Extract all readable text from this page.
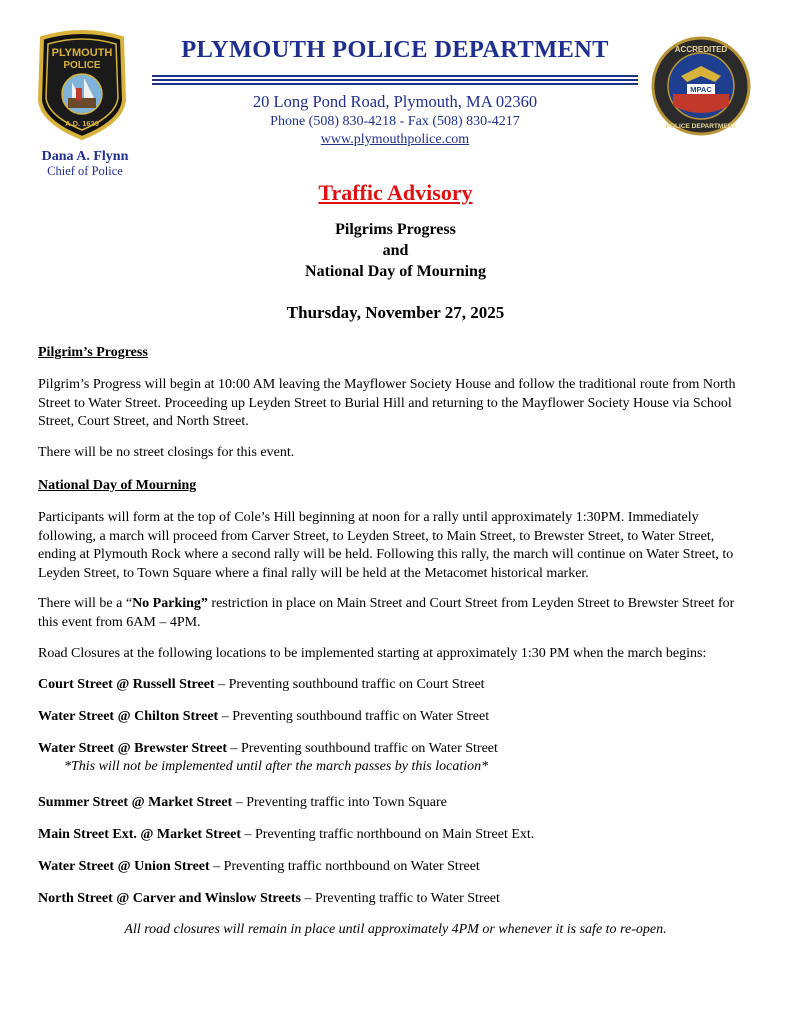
PLYMOUTH
POLICE
A.D. 1620
MPAC
ACCREDITED
POLICE DEPARTMENT
PLYMOUTH POLICE DEPARTMENT
20 Long Pond Road, Plymouth, MA 02360
Phone (508) 830-4218 - Fax (508) 830-4217
www.plymouthpolice.com
Dana A. Flynn
Chief of Police
Traffic Advisory
Pilgrims Progress
and
National Day of Mourning
Thursday, November 27, 2025
Pilgrim’s Progress
Pilgrim’s Progress will begin at 10:00 AM leaving the Mayflower Society House and follow the traditional route from North Street to Water Street. Proceeding up Leyden Street to Burial Hill and returning to the Mayflower Society House via School Street, Court Street, and North Street.
There will be no street closings for this event.
National Day of Mourning
Participants will form at the top of Cole’s Hill beginning at noon for a rally until approximately 1:30PM. Immediately following, a march will proceed from Carver Street, to Leyden Street, to Main Street, to Brewster Street, to Water Street, ending at Plymouth Rock where a second rally will be held. Following this rally, the march will continue on Water Street, to Leyden Street, to Town Square where a final rally will be held at the Metacomet historical marker.
There will be a “No Parking” restriction in place on Main Street and Court Street from Leyden Street to Brewster Street for this event from 6AM – 4PM.
Road Closures at the following locations to be implemented starting at approximately 1:30 PM when the march begins:
Court Street @ Russell Street – Preventing southbound traffic on Court Street
Water Street @ Chilton Street – Preventing southbound traffic on Water Street
Water Street @ Brewster Street – Preventing southbound traffic on Water Street
*This will not be implemented until after the march passes by this location*
Summer Street @ Market Street – Preventing traffic into Town Square
Main Street Ext. @ Market Street – Preventing traffic northbound on Main Street Ext.
Water Street @ Union Street – Preventing traffic northbound on Water Street
North Street @ Carver and Winslow Streets – Preventing traffic to Water Street
All road closures will remain in place until approximately 4PM or whenever it is safe to re-open.
